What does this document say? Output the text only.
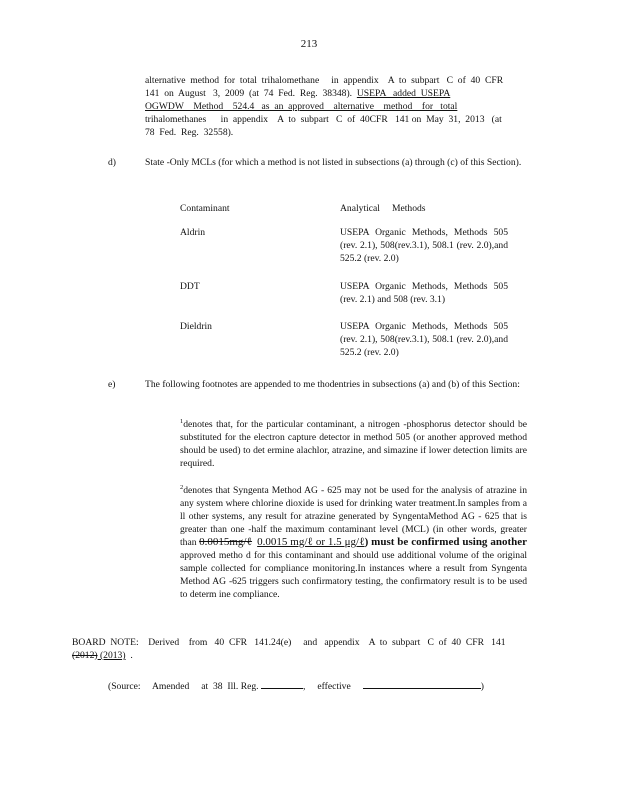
213
alternative  method  for  total  trihalomethane     in  appendix    A  to  subpart   C  of  40  CFR
141  on  August   3,  2009  (at  74  Fed.  Reg.  38348).  USEPA   added  USEPA
OGWDW    Method    524.4   as  an  approved    alternative    method    for   total
trihalomethanes      in  appendix    A  to  subpart   C  of  40CFR   141 on  May  31,  2013   (at
78  Fed.  Reg.  32558).
d)	State -Only MCLs (for which a method is not listed in subsections (a) through (c) of this Section).
Contaminant	Analytical     Methods
Aldrin	USEPA Organic Methods, Methods 505 (rev. 2.1), 508(rev.3.1), 508.1 (rev. 2.0),and 525.2 (rev. 2.0)
DDT	USEPA Organic Methods, Methods 505 (rev. 2.1) and 508 (rev. 3.1)
Dieldrin	USEPA Organic Methods, Methods 505 (rev. 2.1), 508(rev.3.1), 508.1 (rev. 2.0),and 525.2 (rev. 2.0)
e)	The following footnotes are appended to me thodentries in subsections (a) and (b) of this Section:
$^1$denotes that, for the particular contaminant, a nitrogen -phosphorus detector should be substituted for the electron capture detector in method 505 (or another approved method should be used) to det ermine alachlor, atrazine, and simazine if lower detection limits are required.
$^2$denotes that Syngenta Method AG - 625 may not be used for the analysis of atrazine in any system where chlorine dioxide is used for drinking water treatment.In samples from a ll other systems, any result for atrazine generated by SyngentaMethod AG - 625 that is greater than one -half the maximum contaminant level (MCL) (in other words, greater than 0.0015mg/ℓ 0.0015 mg/ℓ or 1.5 μg/ℓ) must be confirmed using another approved metho d for this contaminant and should use additional volume of the original sample collected for compliance monitoring.In instances where a result from Syngenta Method AG -625 triggers such confirmatory testing, the confirmatory result is to be used to determ ine compliance.
BOARD  NOTE:    Derived    from   40  CFR   141.24(e)     and   appendix    A  to  subpart   C  of  40  CFR   141
(2012) (2013)  .
(Source: Amended     at  38  Ill. Reg.	,     effective	)
